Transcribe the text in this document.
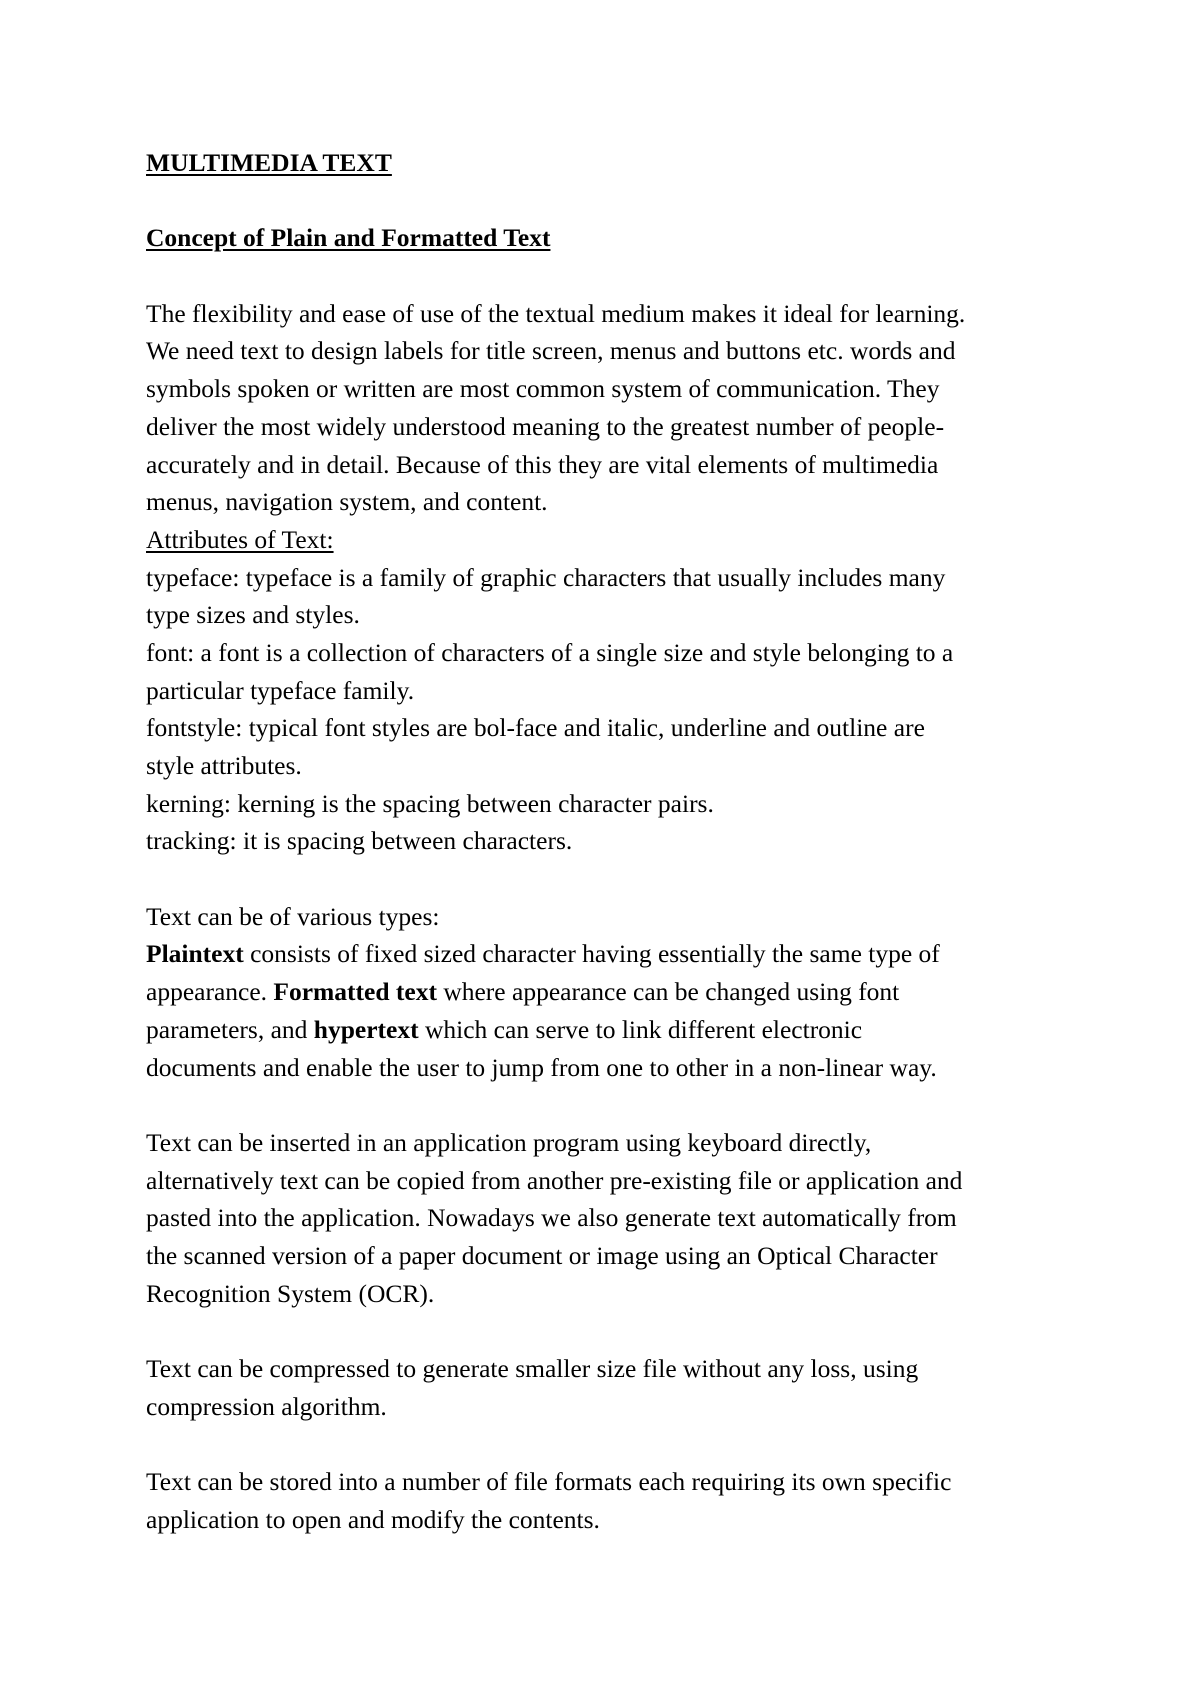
MULTIMEDIA TEXT
Concept of Plain and Formatted Text
The flexibility and ease of use of the textual medium makes it ideal for learning.
We need text to design labels for title screen, menus and buttons etc. words and
symbols spoken or written are most common system of communication. They
deliver the most widely understood meaning to the greatest number of people-
accurately and in detail. Because of this they are vital elements of multimedia
menus, navigation system, and content.
Attributes of Text:
typeface: typeface is a family of graphic characters that usually includes many
type sizes and styles.
font: a font is a collection of characters of a single size and style belonging to a
particular typeface family.
fontstyle: typical font styles are bol-face and italic, underline and outline are
style attributes.
kerning: kerning is the spacing between character pairs.
tracking: it is spacing between characters.
Text can be of various types:
Plaintext consists of fixed sized character having essentially the same type of
appearance. Formatted text where appearance can be changed using font
parameters, and hypertext which can serve to link different electronic
documents and enable the user to jump from one to other in a non-linear way.
Text can be inserted in an application program using keyboard directly,
alternatively text can be copied from another pre-existing file or application and
pasted into the application. Nowadays we also generate text automatically from
the scanned version of a paper document or image using an Optical Character
Recognition System (OCR).
Text can be compressed to generate smaller size file without any loss, using
compression algorithm.
Text can be stored into a number of file formats each requiring its own specific
application to open and modify the contents.
